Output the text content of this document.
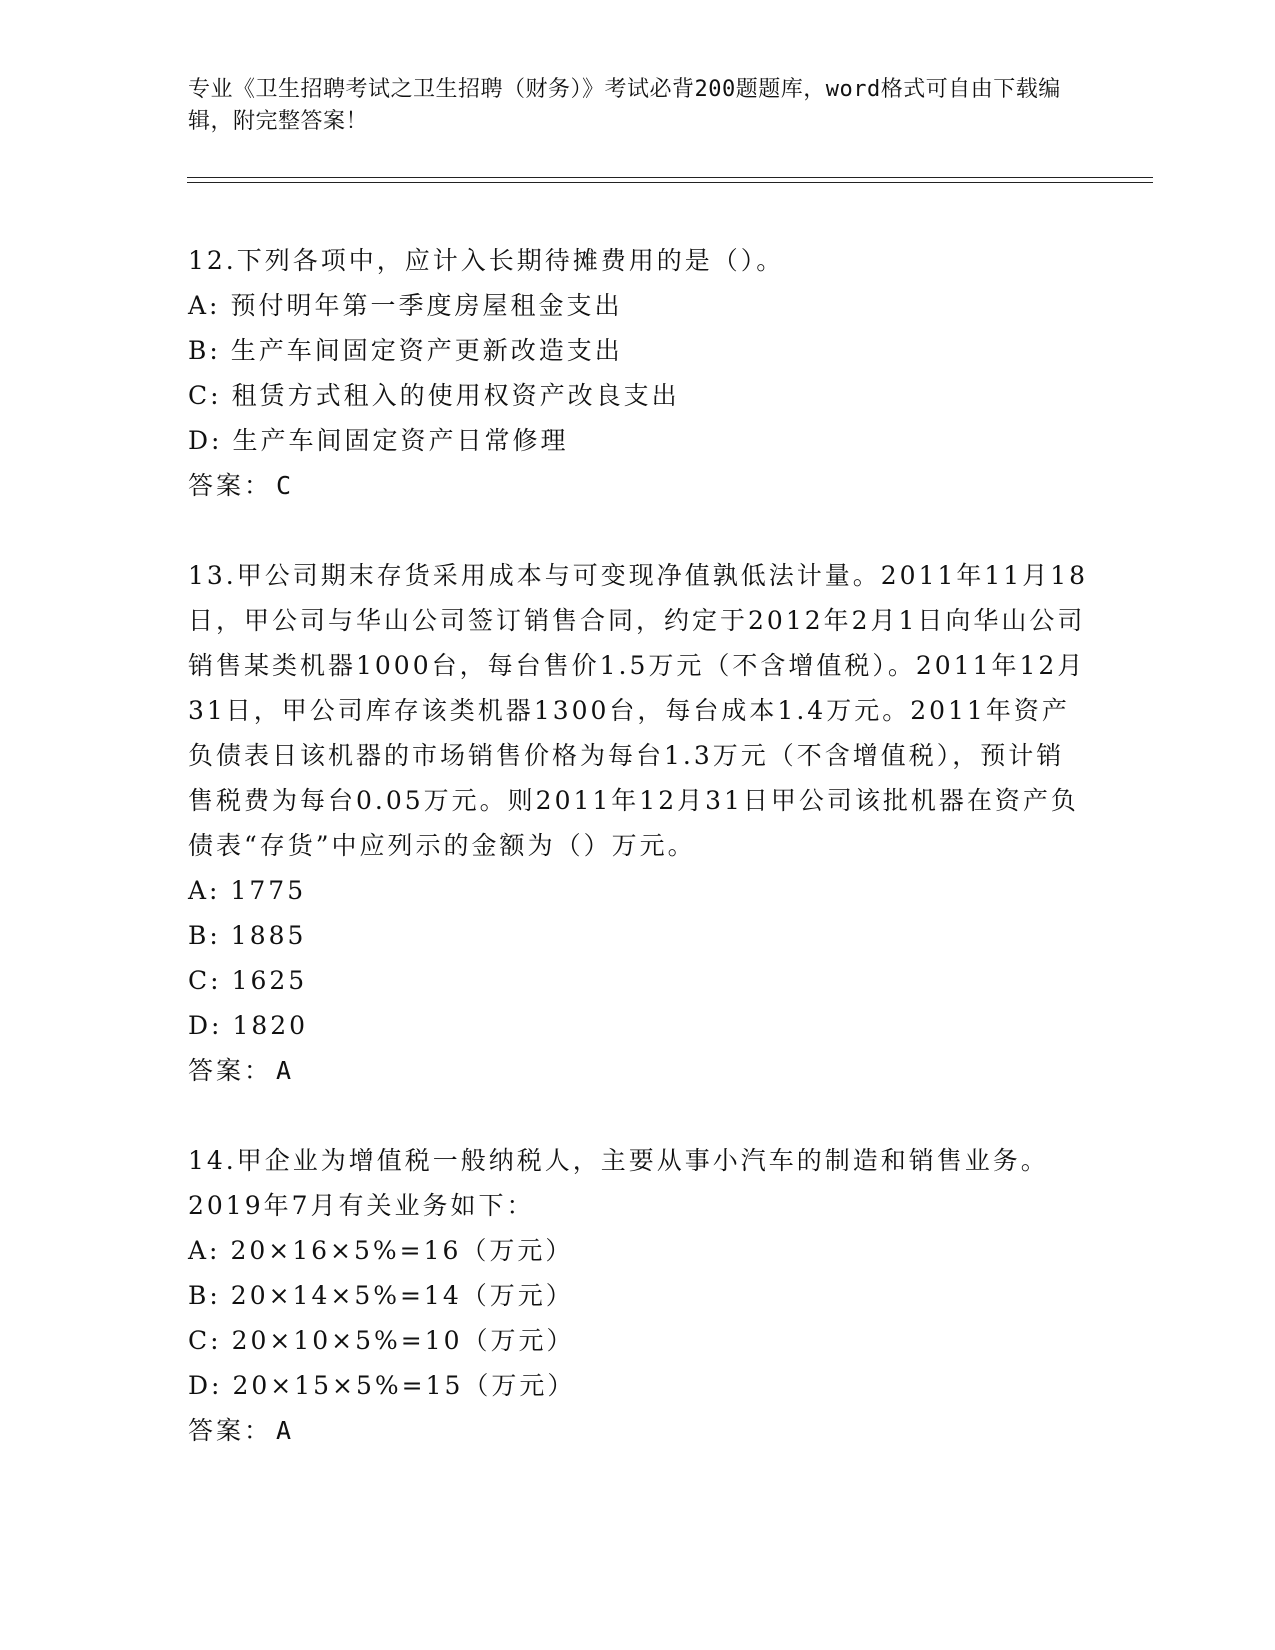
专业《卫生招聘考试之卫生招聘（财务）》考试必背200题题库，word格式可自由下载编辑，附完整答案！
12.下列各项中，应计入长期待摊费用的是（）。
A: 预付明年第一季度房屋租金支出
B: 生产车间固定资产更新改造支出
C: 租赁方式租入的使用权资产改良支出
D: 生产车间固定资产日常修理
答案： C
13.甲公司期末存货采用成本与可变现净值孰低法计量。2011年11月18日，甲公司与华山公司签订销售合同，约定于2012年2月1日向华山公司销售某类机器1000台，每台售价1.5万元（不含增值税）。2011年12月31日，甲公司库存该类机器1300台，每台成本1.4万元。2011年资产负债表日该机器的市场销售价格为每台1.3万元（不含增值税），预计销售税费为每台0.05万元。则2011年12月31日甲公司该批机器在资产负债表“存货”中应列示的金额为（）万元。
A: 1775
B: 1885
C: 1625
D: 1820
答案： A
14.甲企业为增值税一般纳税人，主要从事小汽车的制造和销售业务。2019年7月有关业务如下：
A: 20×16×5%=16（万元）
B: 20×14×5%=14（万元）
C: 20×10×5%=10（万元）
D: 20×15×5%=15（万元）
答案： A
